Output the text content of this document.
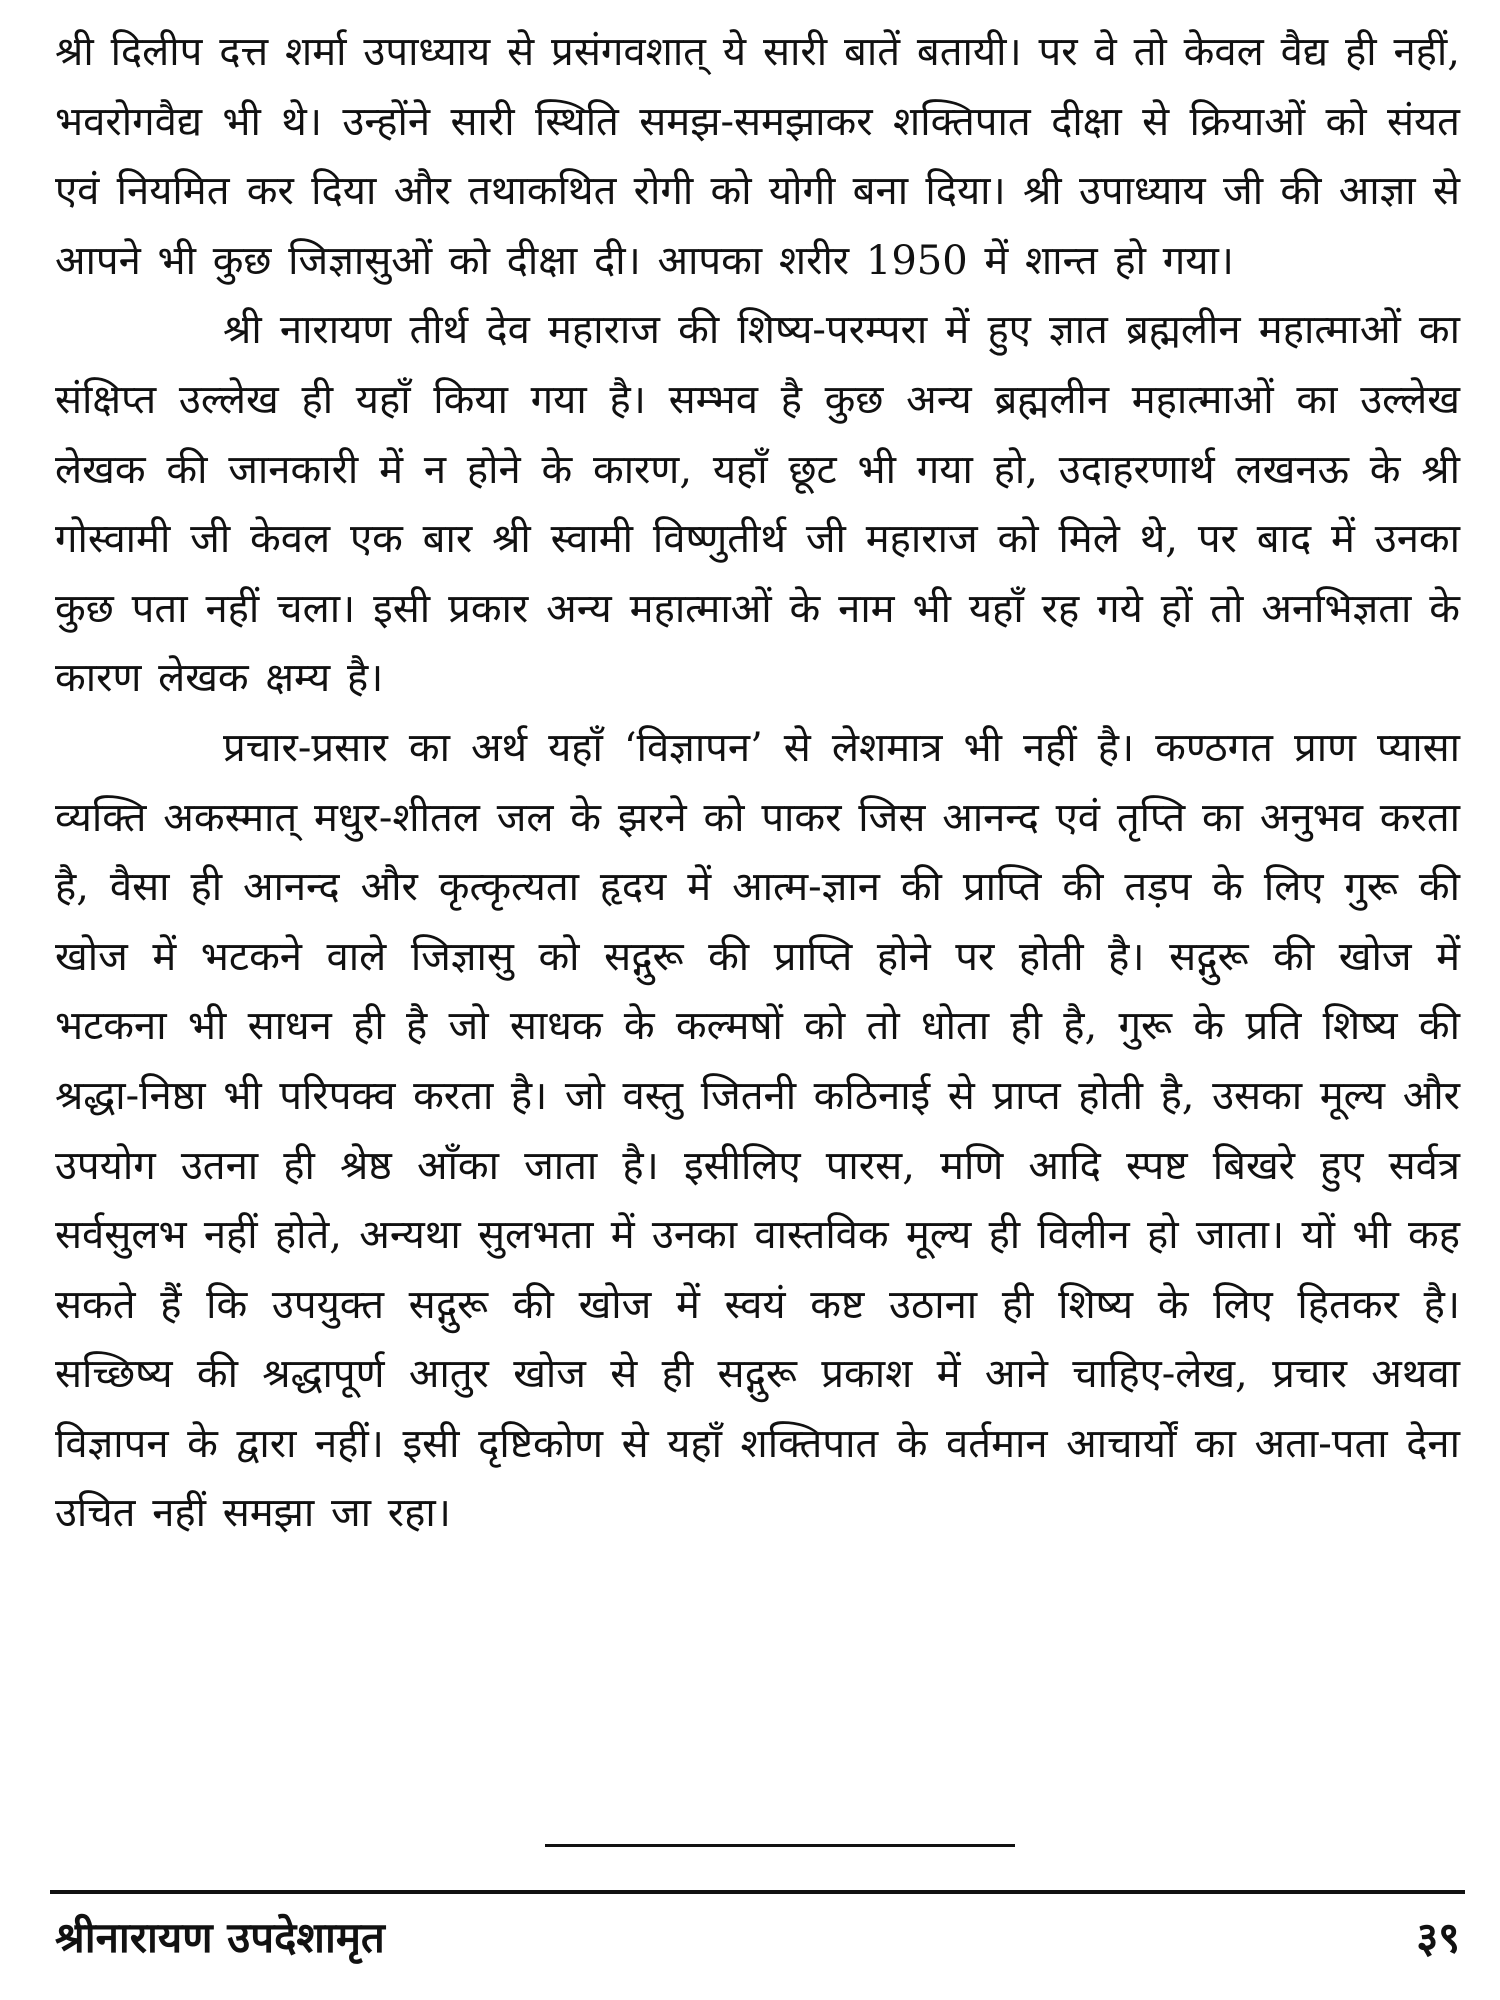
श्री दिलीप दत्त शर्मा उपाध्याय से प्रसंगवशात् ये सारी बातें बतायी। पर वे तो केवल वैद्य ही नहीं, भवरोगवैद्य भी थे। उन्होंने सारी स्थिति समझ-समझाकर शक्तिपात दीक्षा से क्रियाओं को संयत एवं नियमित कर दिया और तथाकथित रोगी को योगी बना दिया। श्री उपाध्याय जी की आज्ञा से आपने भी कुछ जिज्ञासुओं को दीक्षा दी। आपका शरीर 1950 में शान्त हो गया।

श्री नारायण तीर्थ देव महाराज की शिष्य-परम्परा में हुए ज्ञात ब्रह्मलीन महात्माओं का संक्षिप्त उल्लेख ही यहाँ किया गया है। सम्भव है कुछ अन्य ब्रह्मलीन महात्माओं का उल्लेख लेखक की जानकारी में न होने के कारण, यहाँ छूट भी गया हो, उदाहरणार्थ लखनऊ के श्री गोस्वामी जी केवल एक बार श्री स्वामी विष्णुतीर्थ जी महाराज को मिले थे, पर बाद में उनका कुछ पता नहीं चला। इसी प्रकार अन्य महात्माओं के नाम भी यहाँ रह गये हों तो अनभिज्ञता के कारण लेखक क्षम्य है।

प्रचार-प्रसार का अर्थ यहाँ ‘विज्ञापन’ से लेशमात्र भी नहीं है। कण्ठगत प्राण प्यासा व्यक्ति अकस्मात् मधुर-शीतल जल के झरने को पाकर जिस आनन्द एवं तृप्ति का अनुभव करता है, वैसा ही आनन्द और कृत्कृत्यता हृदय में आत्म-ज्ञान की प्राप्ति की तड़प के लिए गुरू की खोज में भटकने वाले जिज्ञासु को सद्गुरू की प्राप्ति होने पर होती है। सद्गुरू की खोज में भटकना भी साधन ही है जो साधक के कल्मषों को तो धोता ही है, गुरू के प्रति शिष्य की श्रद्धा-निष्ठा भी परिपक्व करता है। जो वस्तु जितनी कठिनाई से प्राप्त होती है, उसका मूल्य और उपयोग उतना ही श्रेष्ठ आँका जाता है। इसीलिए पारस, मणि आदि स्पष्ट बिखरे हुए सर्वत्र सर्वसुलभ नहीं होते, अन्यथा सुलभता में उनका वास्तविक मूल्य ही विलीन हो जाता। यों भी कह सकते हैं कि उपयुक्त सद्गुरू की खोज में स्वयं कष्ट उठाना ही शिष्य के लिए हितकर है। सच्छिष्य की श्रद्धापूर्ण आतुर खोज से ही सद्गुरू प्रकाश में आने चाहिए-लेख, प्रचार अथवा विज्ञापन के द्वारा नहीं। इसी दृष्टिकोण से यहाँ शक्तिपात के वर्तमान आचार्यों का अता-पता देना उचित नहीं समझा जा रहा।

श्रीनारायण उपदेशामृत	३९
